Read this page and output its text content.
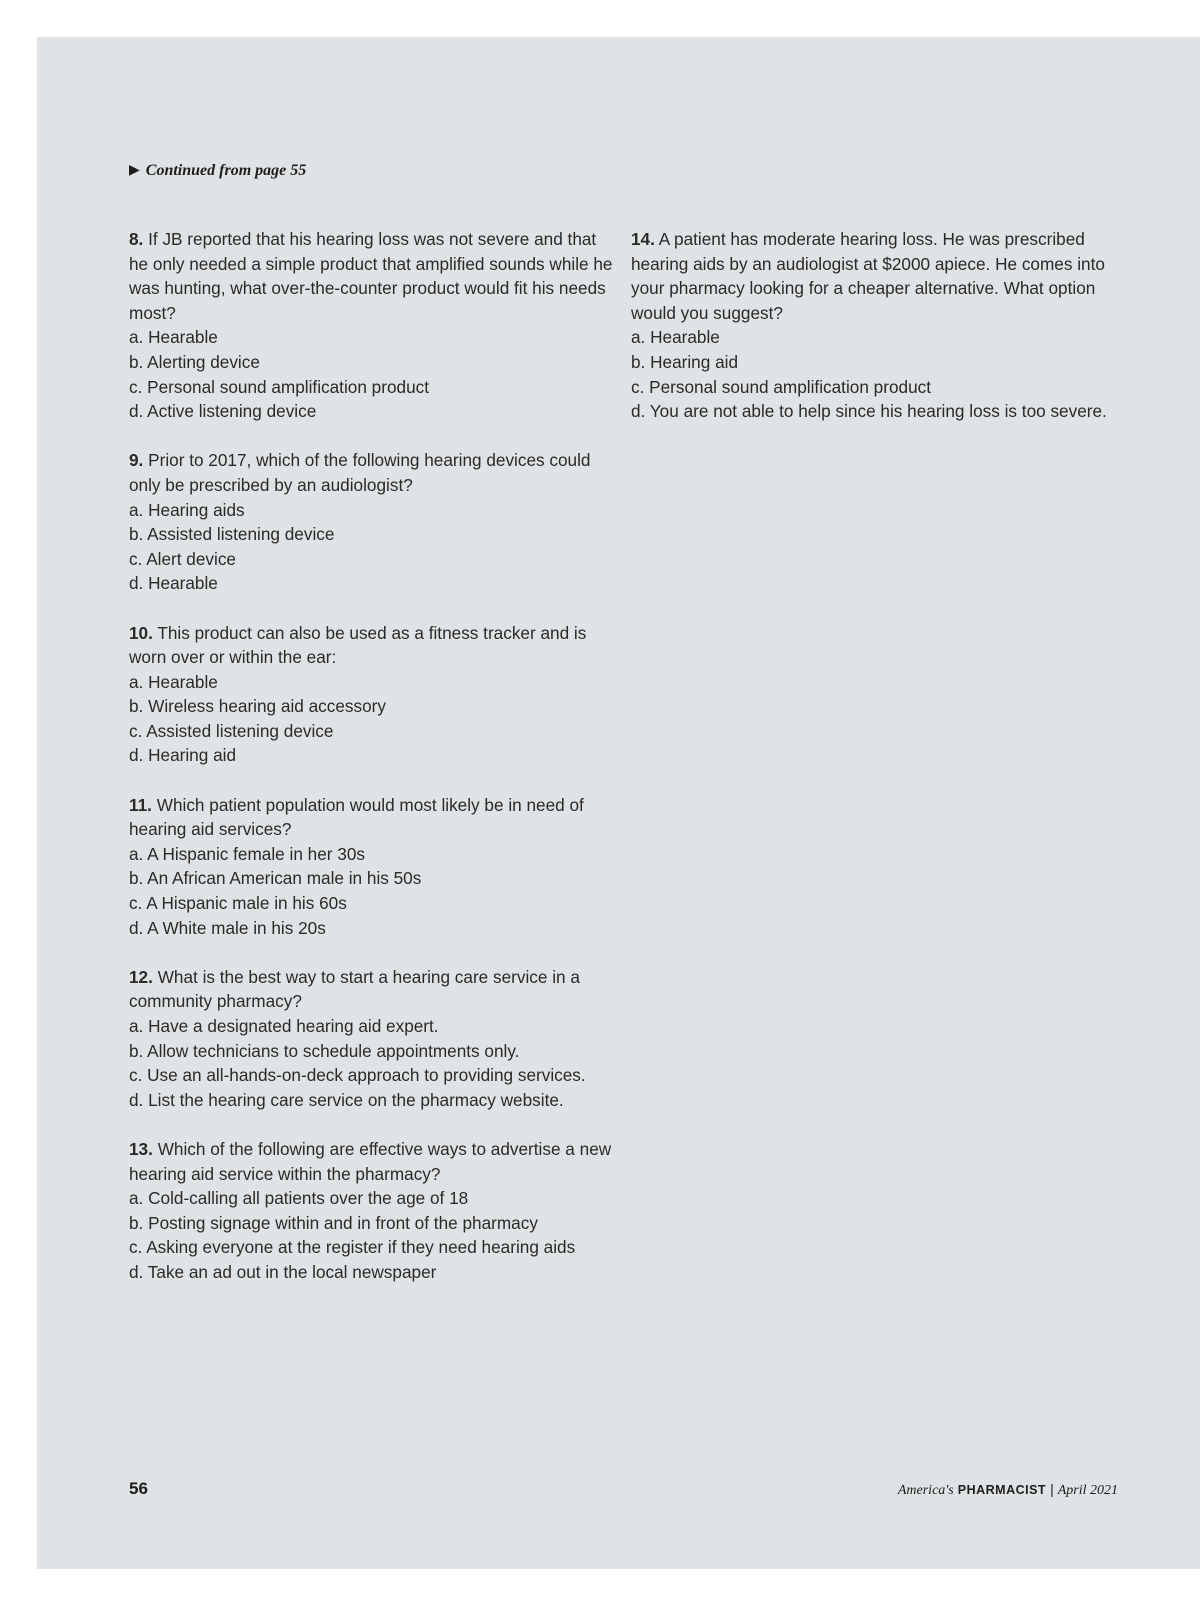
▶ Continued from page 55

8. If JB reported that his hearing loss was not severe and that he only needed a simple product that amplified sounds while he was hunting, what over-the-counter product would fit his needs most?

a. Hearable
b. Alerting device
c. Personal sound amplification product
d. Active listening device

9. Prior to 2017, which of the following hearing devices could only be prescribed by an audiologist?

a. Hearing aids
b. Assisted listening device
c. Alert device
d. Hearable

10. This product can also be used as a fitness tracker and is worn over or within the ear:

a. Hearable
b. Wireless hearing aid accessory
c. Assisted listening device
d. Hearing aid

11. Which patient population would most likely be in need of hearing aid services?

a. A Hispanic female in her 30s
b. An African American male in his 50s
c. A Hispanic male in his 60s
d. A White male in his 20s

12. What is the best way to start a hearing care service in a community pharmacy?

a. Have a designated hearing aid expert.
b. Allow technicians to schedule appointments only.
c. Use an all-hands-on-deck approach to providing services.
d. List the hearing care service on the pharmacy website.

13. Which of the following are effective ways to advertise a new hearing aid service within the pharmacy?

a. Cold-calling all patients over the age of 18
b. Posting signage within and in front of the pharmacy
c. Asking everyone at the register if they need hearing aids
d. Take an ad out in the local newspaper

14. A patient has moderate hearing loss. He was prescribed hearing aids by an audiologist at $2000 apiece. He comes into your pharmacy looking for a cheaper alternative. What option would you suggest?

a. Hearable
b. Hearing aid
c. Personal sound amplification product
d. You are not able to help since his hearing loss is too severe.
56	America's PHARMACIST | April 2021
